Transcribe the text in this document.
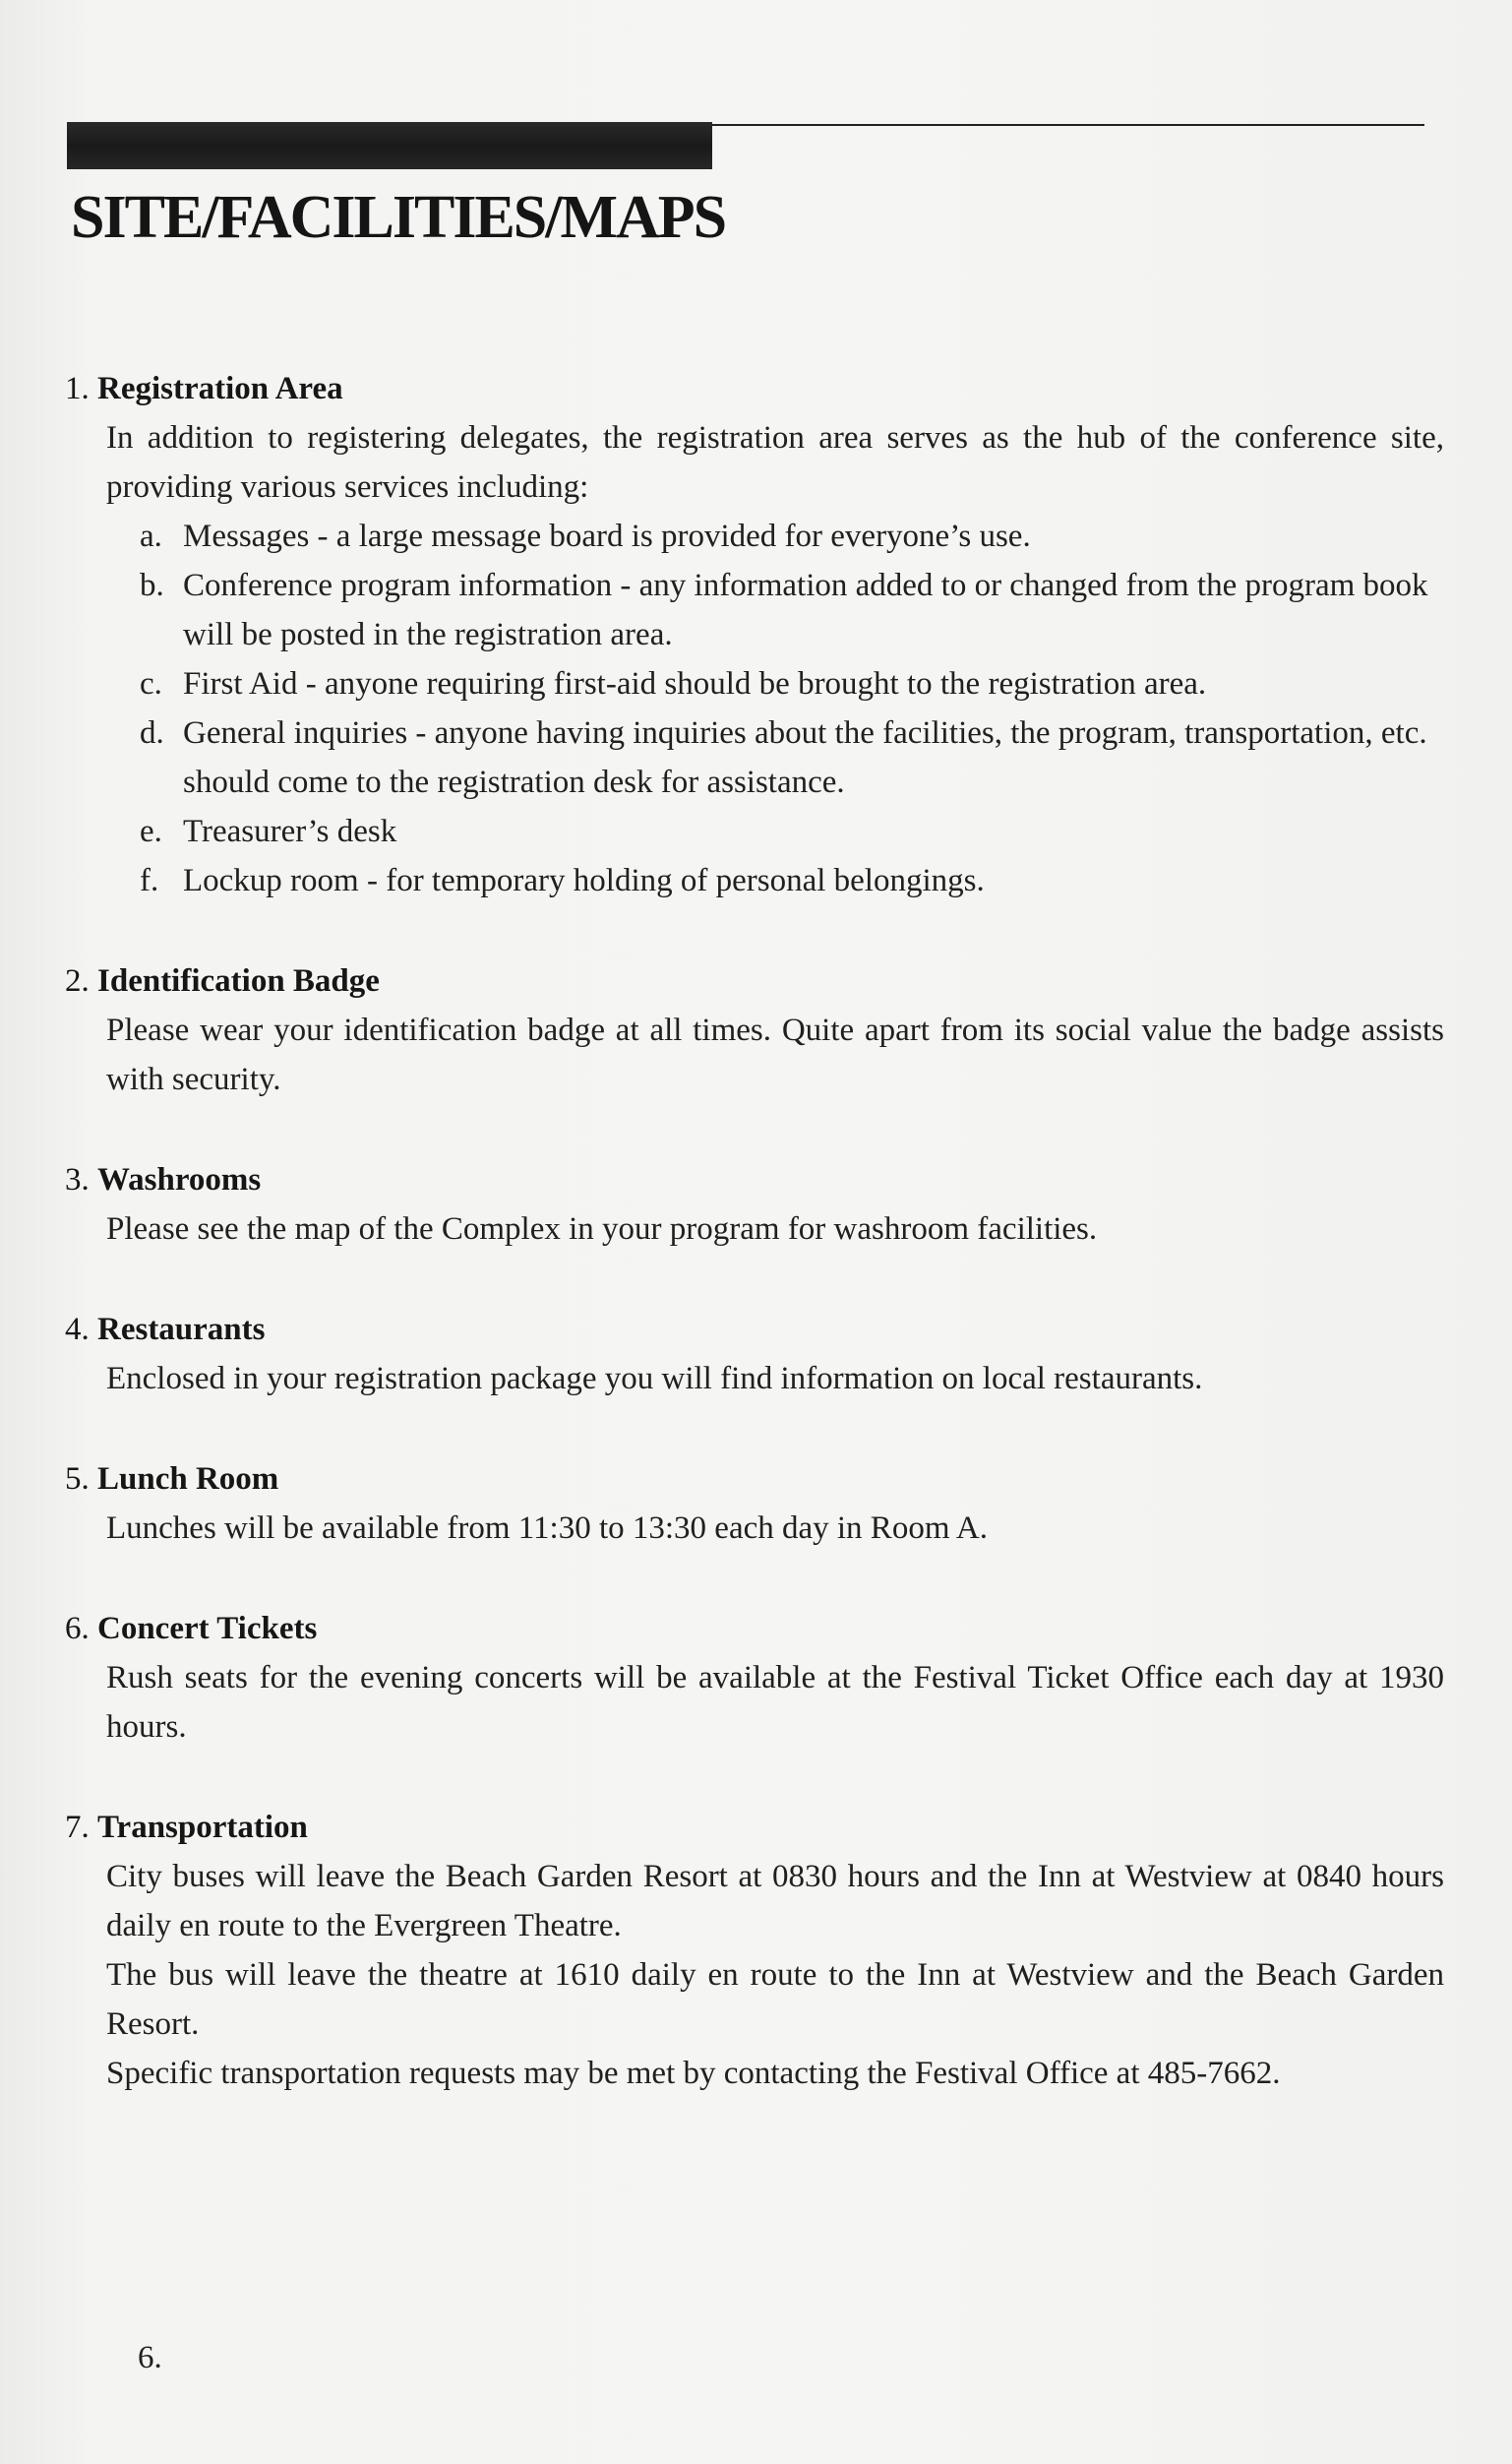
SITE/FACILITIES/MAPS
1. Registration Area
In addition to registering delegates, the registration area serves as the hub of the conference site, providing various services including:
a. Messages - a large message board is provided for everyone’s use.
b. Conference program information - any information added to or changed from the program book will be posted in the registration area.
c. First Aid - anyone requiring first-aid should be brought to the registration area.
d. General inquiries - anyone having inquiries about the facilities, the program, transportation, etc. should come to the registration desk for assistance.
e. Treasurer’s desk
f. Lockup room - for temporary holding of personal belongings.
2. Identification Badge
Please wear your identification badge at all times. Quite apart from its social value the badge assists with security.
3. Washrooms
Please see the map of the Complex in your program for washroom facilities.
4. Restaurants
Enclosed in your registration package you will find information on local restaurants.
5. Lunch Room
Lunches will be available from 11:30 to 13:30 each day in Room A.
6. Concert Tickets
Rush seats for the evening concerts will be available at the Festival Ticket Office each day at 1930 hours.
7. Transportation
City buses will leave the Beach Garden Resort at 0830 hours and the Inn at Westview at 0840 hours daily en route to the Evergreen Theatre.
The bus will leave the theatre at 1610 daily en route to the Inn at Westview and the Beach Garden Resort.
Specific transportation requests may be met by contacting the Festival Office at 485-7662.
6.
